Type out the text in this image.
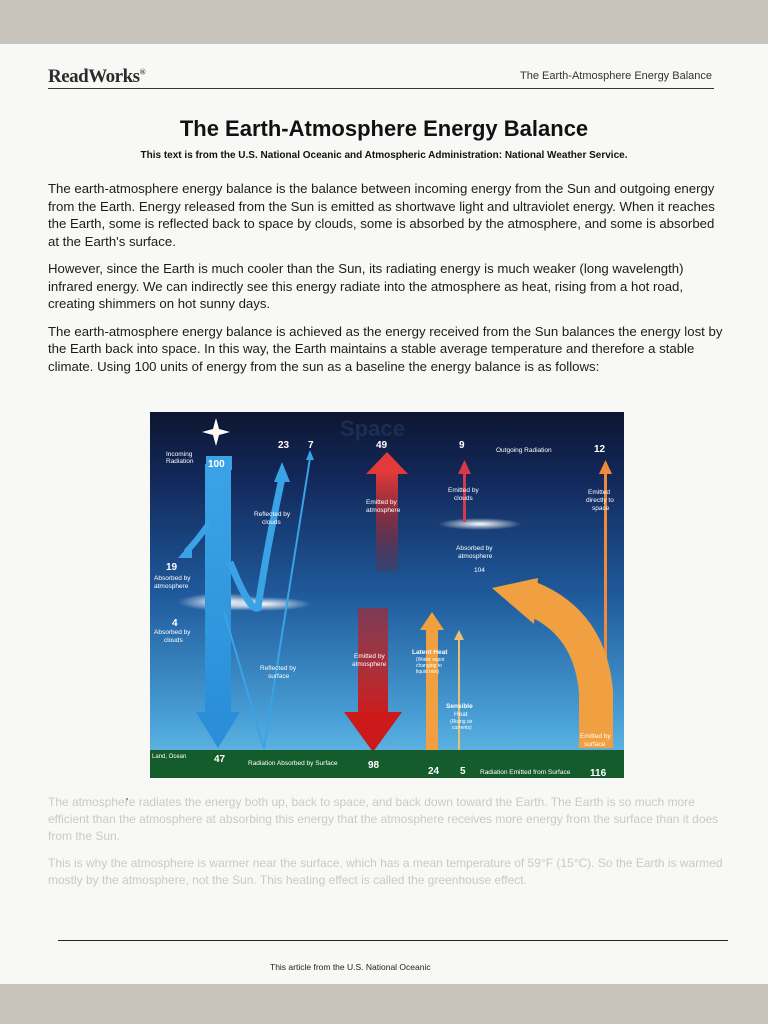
ReadWorks®	The Earth-Atmosphere Energy Balance
The Earth-Atmosphere Energy Balance
This text is from the U.S. National Oceanic and Atmospheric Administration: National Weather Service.

The earth-atmosphere energy balance is the balance between incoming energy from the Sun and outgoing energy from the Earth. Energy released from the Sun is emitted as shortwave light and ultraviolet energy. When it reaches the Earth, some is reflected back to space by clouds, some is absorbed by the atmosphere, and some is absorbed at the Earth's surface.

However, since the Earth is much cooler than the Sun, its radiating energy is much weaker (long wavelength) infrared energy. We can indirectly see this energy radiate into the atmosphere as heat, rising from a hot road, creating shimmers on hot sunny days.

The earth-atmosphere energy balance is achieved as the energy received from the Sun balances the energy lost by the Earth back into space. In this way, the Earth maintains a stable average temperature and therefore a stable climate. Using 100 units of energy from the sun as a baseline the energy balance is as follows:

Space
Incoming
Radiation
Reflected by
clouds
Absorbed by
atmosphere
Absorbed by
clouds
Reflected by
surface
Emitted by
atmosphere
Emitted by
clouds
Outgoing Radiation
Emitted
directly to
space
Absorbed by
atmosphere
104
Emitted by
atmosphere
Latent Heat
(Water vapor
changing to
liquid rain)
Sensible
Heat
(Rising air
currents)
Emitted by
surface
Land, Ocean
Radiation Absorbed by Surface
Radiation Emitted from Surface
100
23 7
19
4
49	9	12
47
98
24 5	116

The atmosphere radiates the energy both up, back to space, and back down toward the Earth. The Earth is so much more efficient than the atmosphere at absorbing this energy that the atmosphere receives more energy from the surface than it does from the Sun.

This is why the atmosphere is warmer near the surface, which has a mean temperature of 59°F (15°C). So the Earth is warmed mostly by the atmosphere, not the Sun. This heating effect is called the greenhouse effect.

This article from the U.S. National Oceanic
